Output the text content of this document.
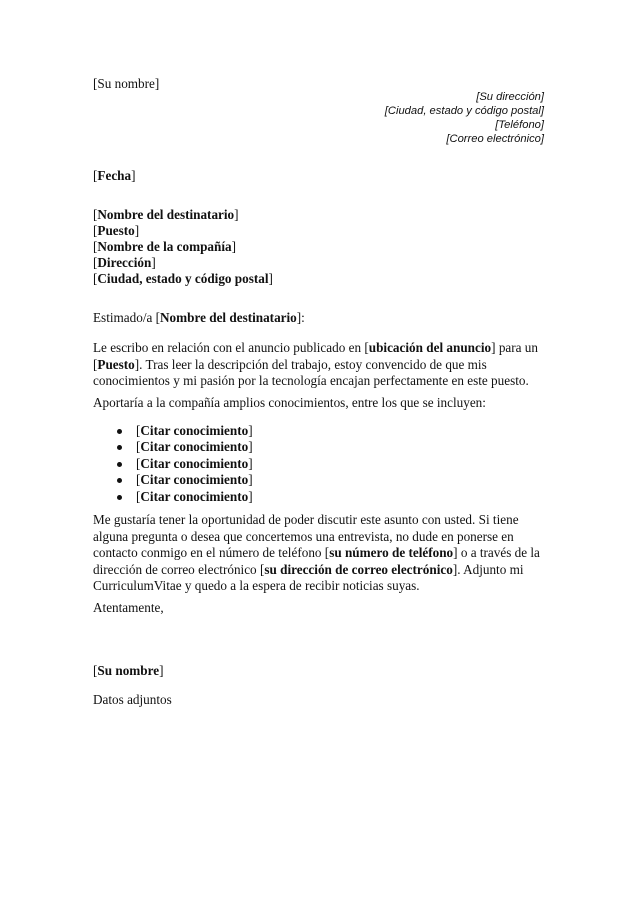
[Su nombre]
[Su dirección]
[Ciudad, estado y código postal]
[Teléfono]
[Correo electrónico]
[Fecha]
[Nombre del destinatario]
[Puesto]
[Nombre de la compañía]
[Dirección]
[Ciudad, estado y código postal]
Estimado/a [Nombre del destinatario]:
Le escribo en relación con el anuncio publicado en [ubicación del anuncio] para un
[Puesto]. Tras leer la descripción del trabajo, estoy convencido de que mis
conocimientos y mi pasión por la tecnología encajan perfectamente en este puesto.
Aportaría a la compañía amplios conocimientos, entre los que se incluyen:
[Citar conocimiento]
[Citar conocimiento]
[Citar conocimiento]
[Citar conocimiento]
[Citar conocimiento]
Me gustaría tener la oportunidad de poder discutir este asunto con usted. Si tiene
alguna pregunta o desea que concertemos una entrevista, no dude en ponerse en
contacto conmigo en el número de teléfono [su número de teléfono] o a través de la
dirección de correo electrónico [su dirección de correo electrónico]. Adjunto mi
CurriculumVitae y quedo a la espera de recibir noticias suyas.
Atentamente,
[Su nombre]
Datos adjuntos
